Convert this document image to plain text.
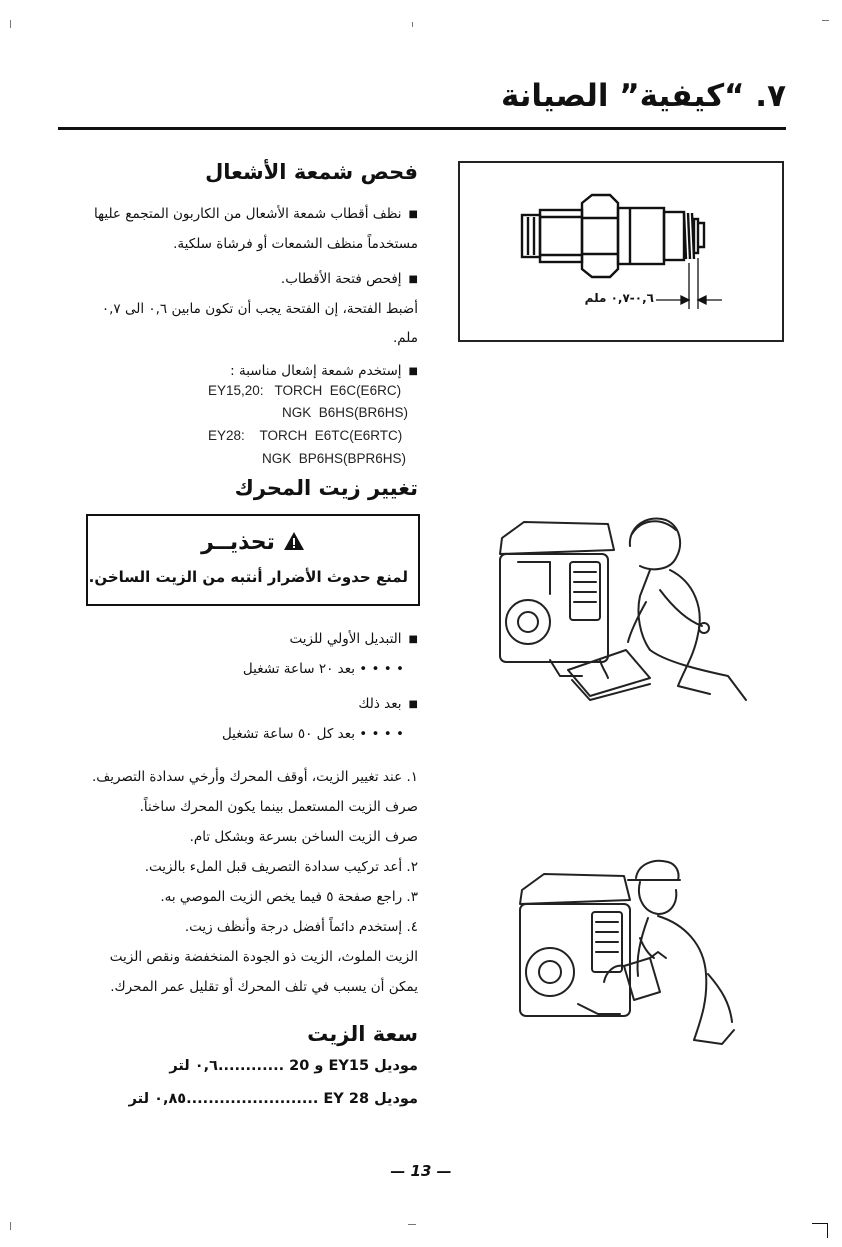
٧. “كيفية” الصيانة
فحص شمعة الأشعال
■ نظف أقطاب شمعة الأشعال من الكاربون المتجمع عليها
مستخدماً منظف الشمعات أو فرشاة سلكية.
■ إفحص فتحة الأقطاب.
أضبط الفتحة، إن الفتحة يجب أن تكون مابين ٠,٦ الى ٠,٧
ملم.
■ إستخدم شمعة إشعال مناسبة :
EY15,20:   TORCH  E6C(E6RC)
NGK  B6HS(BR6HS)
EY28:    TORCH  E6TC(E6RTC)
NGK  BP6HS(BPR6HS)
٠,٦-٠,٧ ملم
تغيير زيت المحرك
تحذيــر
لمنع حدوث الأضرار أنتبه من الزيت الساخن.
■ التبديل الأولي للزيت
• • • • بعد ٢٠ ساعة تشغيل
■ بعد ذلك
• • • • بعد كل ٥٠ ساعة تشغيل
١. عند تغيير الزيت، أوقف المحرك وأرخي سدادة التصريف.
صرف الزيت المستعمل بينما يكون المحرك ساخناً.
صرف الزيت الساخن بسرعة وبشكل تام.
٢. أعد تركيب سدادة التصريف قبل الملء بالزيت.
٣. راجع صفحة ٥ فيما يخص الزيت الموصي به.
٤. إستخدم دائماً أفضل درجة وأنظف زيت.
الزيت الملوث، الزيت ذو الجودة المنخفضة ونقص الزيت
يمكن أن يسبب في تلف المحرك أو تقليل عمر المحرك.
سعة الزيت
موديل EY15 و 20 ............٠,٦ لتر
موديل EY 28 ........................٠,٨٥ لتر
— 13 —
